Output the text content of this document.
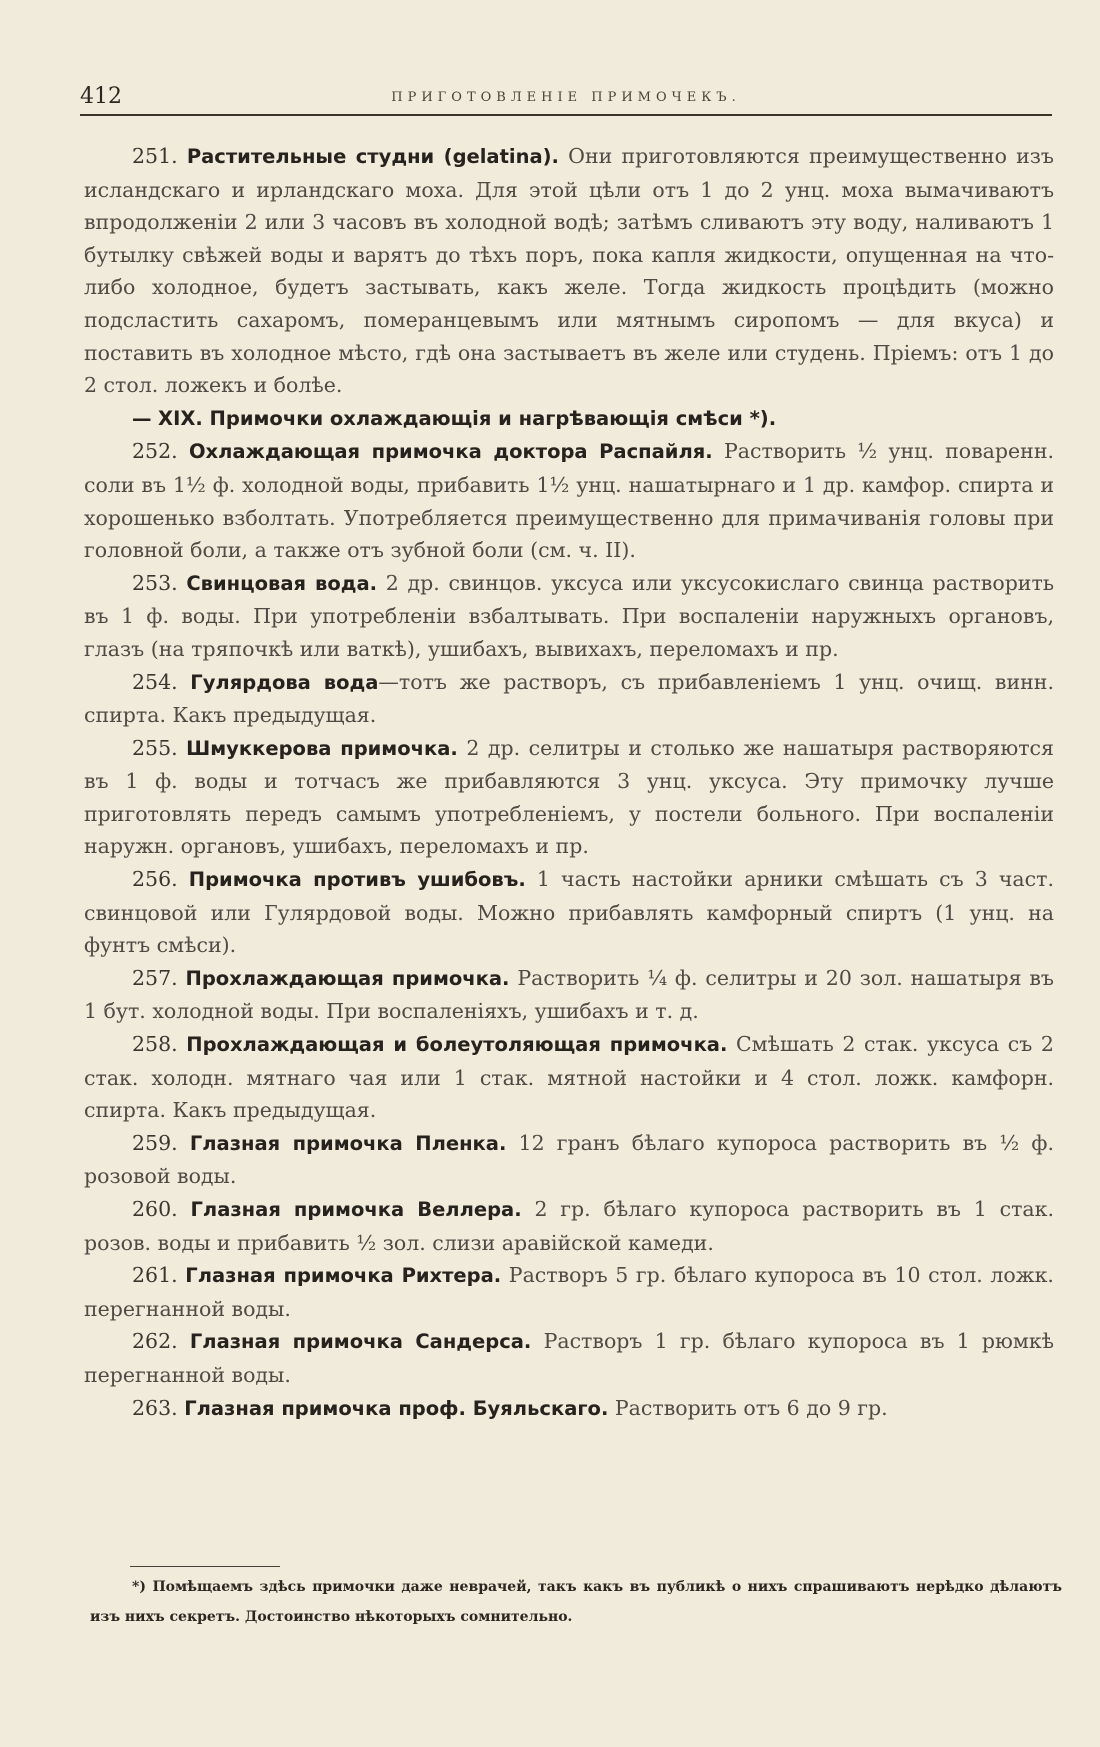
412	ПРИГОТОВЛЕНІЕ ПРИМОЧЕКЪ.

251. Растительные студни (gelatina). Они приготовляются преимущественно изъ исландскаго и ирландскаго моха. Для этой цѣли отъ 1 до 2 унц. моха вымачиваютъ впродолженіи 2 или 3 часовъ въ холодной водѣ; затѣмъ сливаютъ эту воду, наливаютъ 1 бутылку свѣжей воды и варятъ до тѣхъ поръ, пока капля жидкости, опущенная на что-либо холодное, будетъ застывать, какъ желе. Тогда жидкость процѣдить (можно подсластить сахаромъ, померанцевымъ или мятнымъ сиропомъ — для вкуса) и поставить въ холодное мѣсто, гдѣ она застываетъ въ желе или студень. Пріемъ: отъ 1 до 2 стол. ложекъ и болѣе.

— XIX. Примочки охлаждающія и нагрѣвающія смѣси *).

252. Охлаждающая примочка доктора Распайля. Растворить ½ унц. поваренн. соли въ 1½ ф. холодной воды, прибавить 1½ унц. нашатырнаго и 1 др. камфор. спирта и хорошенько взболтать. Употребляется преимущественно для примачиванія головы при головной боли, а также отъ зубной боли (см. ч. II).

253. Свинцовая вода. 2 др. свинцов. уксуса или уксусокислаго свинца растворить въ 1 ф. воды. При употребленіи взбалтывать. При воспаленіи наружныхъ органовъ, глазъ (на тряпочкѣ или ваткѣ), ушибахъ, вывихахъ, переломахъ и пр.

254. Гулярдова вода—тотъ же растворъ, съ прибавленіемъ 1 унц. очищ. винн. спирта. Какъ предыдущая.

255. Шмуккерова примочка. 2 др. селитры и столько же нашатыря растворяются въ 1 ф. воды и тотчасъ же прибавляются 3 унц. уксуса. Эту примочку лучше приготовлять передъ самымъ употребленіемъ, у постели больного. При воспаленіи наружн. органовъ, ушибахъ, переломахъ и пр.

256. Примочка противъ ушибовъ. 1 часть настойки арники смѣшать съ 3 част. свинцовой или Гулярдовой воды. Можно прибавлять камфорный спиртъ (1 унц. на фунтъ смѣси).

257. Прохлаждающая примочка. Растворить ¼ ф. селитры и 20 зол. нашатыря въ 1 бут. холодной воды. При воспаленіяхъ, ушибахъ и т. д.

258. Прохлаждающая и болеутоляющая примочка. Смѣшать 2 стак. уксуса съ 2 стак. холодн. мятнаго чая или 1 стак. мятной настойки и 4 стол. ложк. камфорн. спирта. Какъ предыдущая.

259. Глазная примочка Пленка. 12 гранъ бѣлаго купороса растворить въ ½ ф. розовой воды.

260. Глазная примочка Веллера. 2 гр. бѣлаго купороса растворить въ 1 стак. розов. воды и прибавить ½ зол. слизи аравійской камеди.

261. Глазная примочка Рихтера. Растворъ 5 гр. бѣлаго купороса въ 10 стол. ложк. перегнанной воды.

262. Глазная примочка Сандерса. Растворъ 1 гр. бѣлаго купороса въ 1 рюмкѣ перегнанной воды.

263. Глазная примочка проф. Буяльскаго. Растворить отъ 6 до 9 гр.

*) Помѣщаемъ здѣсь примочки даже неврачей, такъ какъ въ публикѣ о нихъ спрашиваютъ нерѣдко дѣлаютъ изъ нихъ секретъ. Достоинство нѣкоторыхъ сомнительно.
